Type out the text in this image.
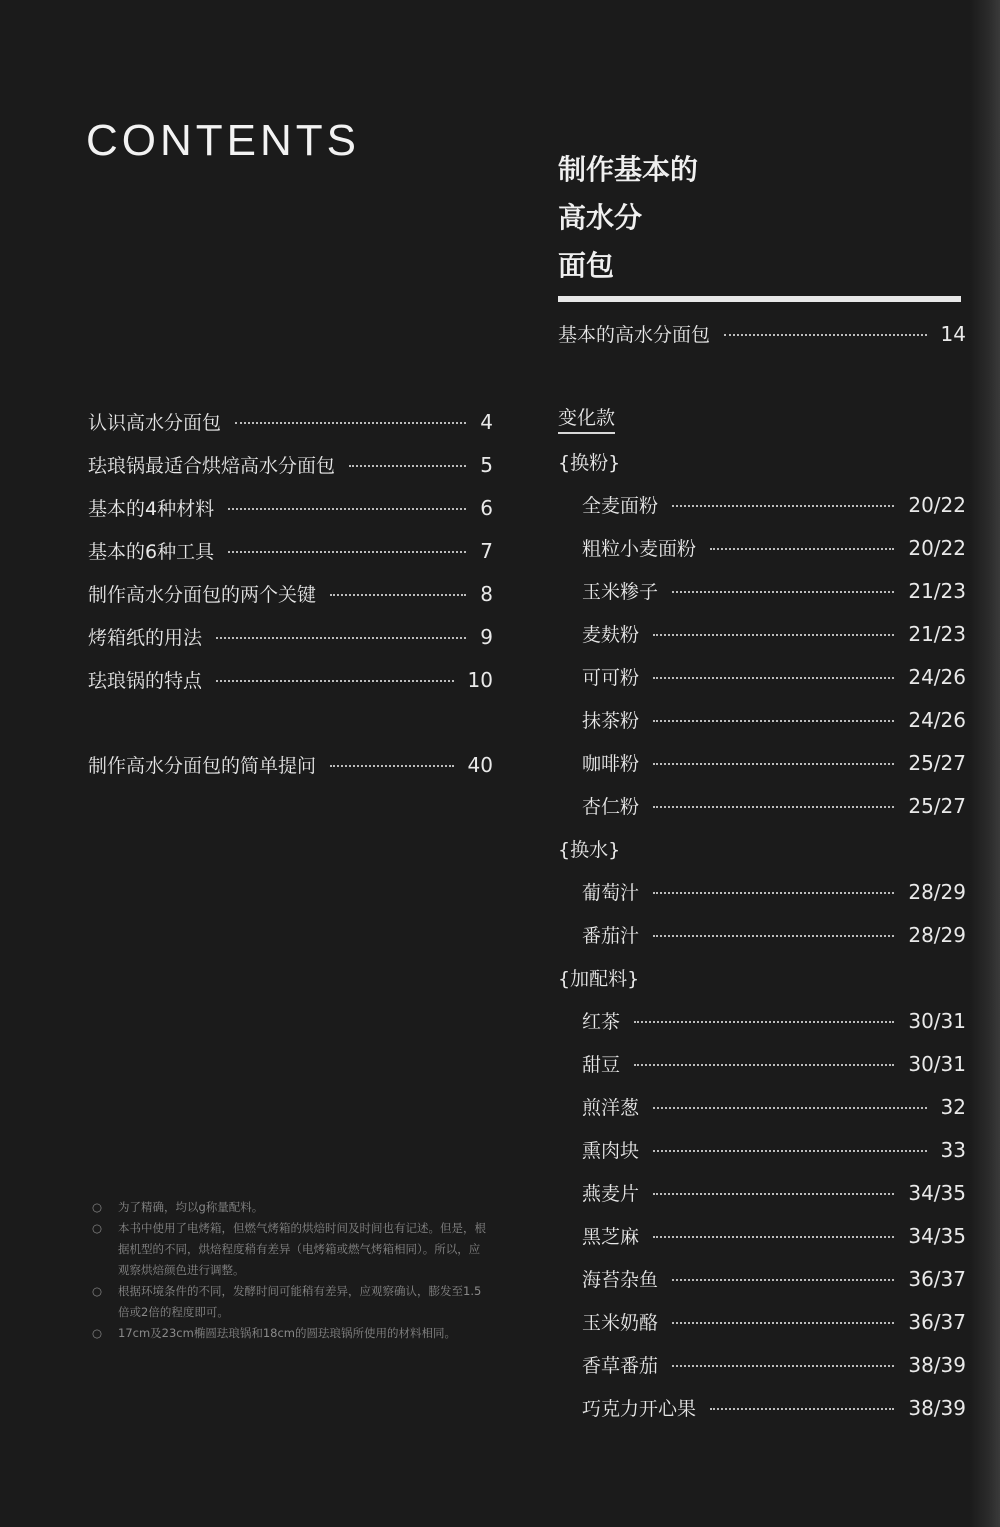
CONTENTS
认识高水分面包	4
珐琅锅最适合烘焙高水分面包	5
基本的4种材料	6
基本的6种工具	7
制作高水分面包的两个关键	8
烤箱纸的用法	9
珐琅锅的特点	10
制作高水分面包的简单提问	40
制作基本的
高水分
面包
基本的高水分面包	14
变化款
{换粉}
全麦面粉	20/22
粗粒小麦面粉	20/22
玉米糁子	21/23
麦麸粉	21/23
可可粉	24/26
抹茶粉	24/26
咖啡粉	25/27
杏仁粉	25/27
{换水}
葡萄汁	28/29
番茄汁	28/29
{加配料}
红茶	30/31
甜豆	30/31
煎洋葱	32
熏肉块	33
燕麦片	34/35
黑芝麻	34/35
海苔杂鱼	36/37
玉米奶酪	36/37
香草番茄	38/39
巧克力开心果	38/39
○	为了精确，均以g称量配料。
○	本书中使用了电烤箱，但燃气烤箱的烘焙时间及时间也有记述。但是，根据机型的不同，烘焙程度稍有差异（电烤箱或燃气烤箱相同）。所以，应观察烘焙颜色进行调整。
○	根据环境条件的不同，发酵时间可能稍有差异，应观察确认，膨发至1.5倍或2倍的程度即可。
○	17cm及23cm椭圆珐琅锅和18cm的圆珐琅锅所使用的材料相同。
